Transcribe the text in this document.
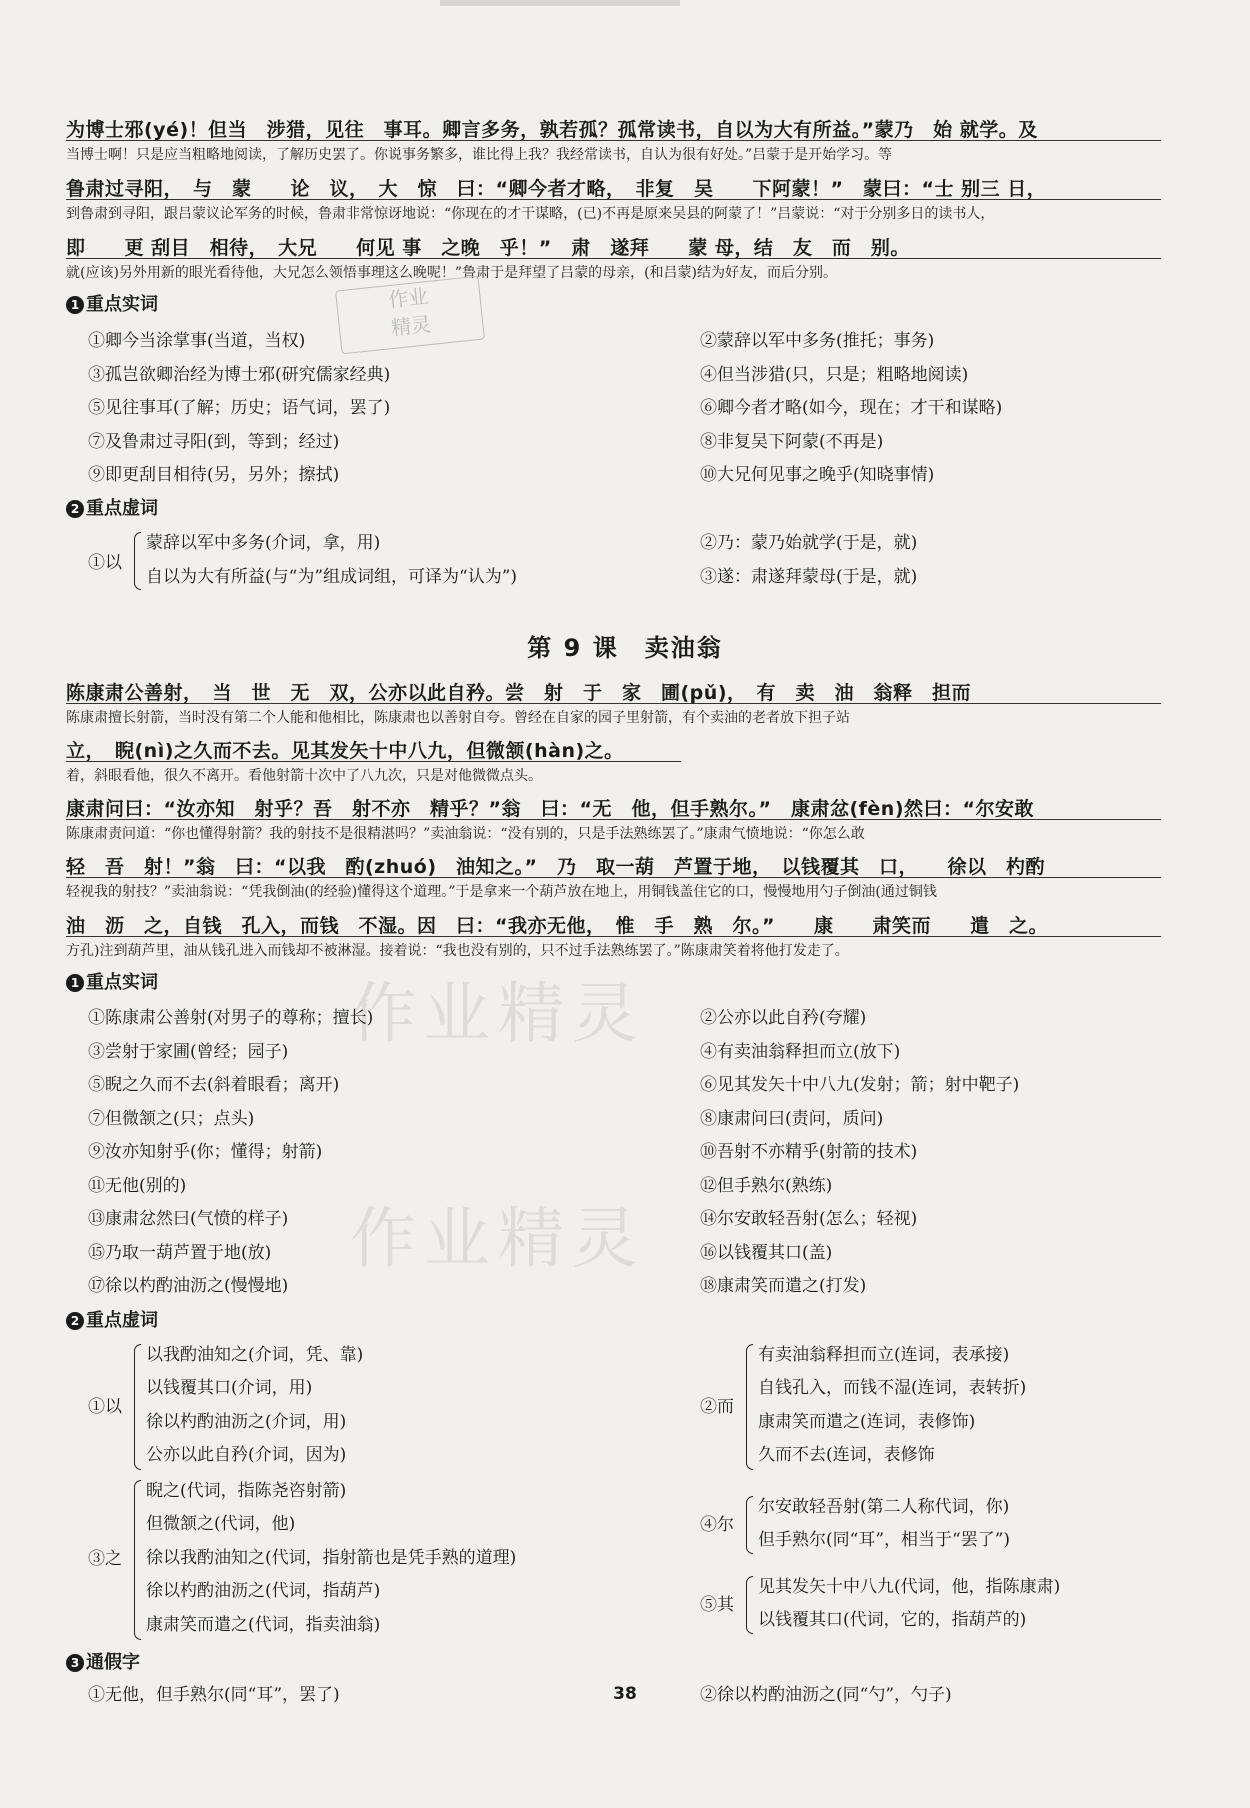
为博士邪(yé)！但当　涉猎，见往　事耳。卿言多务，孰若孤？孤常读书，自以为大有所益。”蒙乃　始 就学。及
当博士啊！只是应当粗略地阅读，了解历史罢了。你说事务繁多，谁比得上我？我经常读书，自认为很有好处。”吕蒙于是开始学习。等
鲁肃过寻阳，　与　蒙　　论　议，　大　惊　曰：“卿今者才略，　非复　吴　　下阿蒙！”　蒙曰：“士 别三 日，
到鲁肃到寻阳，跟吕蒙议论军务的时候，鲁肃非常惊讶地说：“你现在的才干谋略，(已)不再是原来吴县的阿蒙了！”吕蒙说：“对于分别多日的读书人，
即　　更 刮目　相待，　大兄　　何见 事　之晚　乎！”　肃　遂拜　　蒙 母，结　友　而　别。
就(应该)另外用新的眼光看待他，大兄怎么领悟事理这么晚呢！”鲁肃于是拜望了吕蒙的母亲，(和吕蒙)结为好友，而后分别。
1 重点实词	作业
精灵
①卿今当涂掌事(当道，当权)	②蒙辞以军中多务(推托；事务)
③孤岂欲卿治经为博士邪(研究儒家经典)	④但当涉猎(只，只是；粗略地阅读)
⑤见往事耳(了解；历史；语气词，罢了)	⑥卿今者才略(如今，现在；才干和谋略)
⑦及鲁肃过寻阳(到，等到；经过)	⑧非复吴下阿蒙(不再是)
⑨即更刮目相待(另，另外；擦拭)	⑩大兄何见事之晚乎(知晓事情)
2 重点虚词
①以
蒙辞以军中多务(介词，拿，用)
自以为大有所益(与“为”组成词组，可译为“认为”)
②乃：蒙乃始就学(于是，就)
③遂：肃遂拜蒙母(于是，就)
第 9 课　卖油翁
陈康肃公善射，　当　世　无　双，公亦以此自矜。尝　射　于　家　圃(pǔ)，　有　卖　油　翁释　担而
陈康肃擅长射箭，当时没有第二个人能和他相比，陈康肃也以善射自夸。曾经在自家的园子里射箭，有个卖油的老者放下担子站
立，　睨(nì)之久而不去。见其发矢十中八九，但微颔(hàn)之。
着，斜眼看他，很久不离开。看他射箭十次中了八九次，只是对他微微点头。
康肃问曰：“汝亦知　射乎？吾　射不亦　精乎？”翁　曰：“无　他，但手熟尔。”　康肃忿(fèn)然曰：“尔安敢
陈康肃责问道：“你也懂得射箭？我的射技不是很精湛吗？”卖油翁说：“没有别的，只是手法熟练罢了。”康肃气愤地说：“你怎么敢
轻　吾　射！”翁　曰：“以我　酌(zhuó)　油知之。”　乃　取一葫　芦置于地，　以钱覆其　口，　　徐以　杓酌
轻视我的射技？”卖油翁说：“凭我倒油(的经验)懂得这个道理。”于是拿来一个葫芦放在地上，用铜钱盖住它的口，慢慢地用勺子倒油(通过铜钱
油　沥　之，自钱　孔入，而钱　不湿。因　曰：“我亦无他，　惟　手　熟　尔。”　　康　　肃笑而　　遣　之。
方孔)注到葫芦里，油从钱孔进入而钱却不被淋湿。接着说：“我也没有别的，只不过手法熟练罢了。”陈康肃笑着将他打发走了。
1 重点实词	作业精灵
作业精灵
①陈康肃公善射(对男子的尊称；擅长)	②公亦以此自矜(夸耀)
③尝射于家圃(曾经；园子)	④有卖油翁释担而立(放下)
⑤睨之久而不去(斜着眼看；离开)	⑥见其发矢十中八九(发射；箭；射中靶子)
⑦但微颔之(只；点头)	⑧康肃问曰(责问，质问)
⑨汝亦知射乎(你；懂得；射箭)	⑩吾射不亦精乎(射箭的技术)
⑪无他(别的)	⑫但手熟尔(熟练)
⑬康肃忿然曰(气愤的样子)	⑭尔安敢轻吾射(怎么；轻视)
⑮乃取一葫芦置于地(放)	⑯以钱覆其口(盖)
⑰徐以杓酌油沥之(慢慢地)	⑱康肃笑而遣之(打发)
2 重点虚词
①以
以我酌油知之(介词，凭、靠)
以钱覆其口(介词，用)
徐以杓酌油沥之(介词，用)
公亦以此自矜(介词，因为)
②而
有卖油翁释担而立(连词，表承接)
自钱孔入，而钱不湿(连词，表转折)
康肃笑而遣之(连词，表修饰)
久而不去(连词，表修饰
③之
睨之(代词，指陈尧咨射箭)
但微颔之(代词，他)
徐以我酌油知之(代词，指射箭也是凭手熟的道理)
徐以杓酌油沥之(代词，指葫芦)
康肃笑而遣之(代词，指卖油翁)
④尔
尔安敢轻吾射(第二人称代词，你)
但手熟尔(同“耳”，相当于“罢了”)
⑤其
见其发矢十中八九(代词，他，指陈康肃)
以钱覆其口(代词，它的，指葫芦的)
3 通假字
①无他，但手熟尔(同“耳”，罢了)	②徐以杓酌油沥之(同“勺”，勺子)
38
